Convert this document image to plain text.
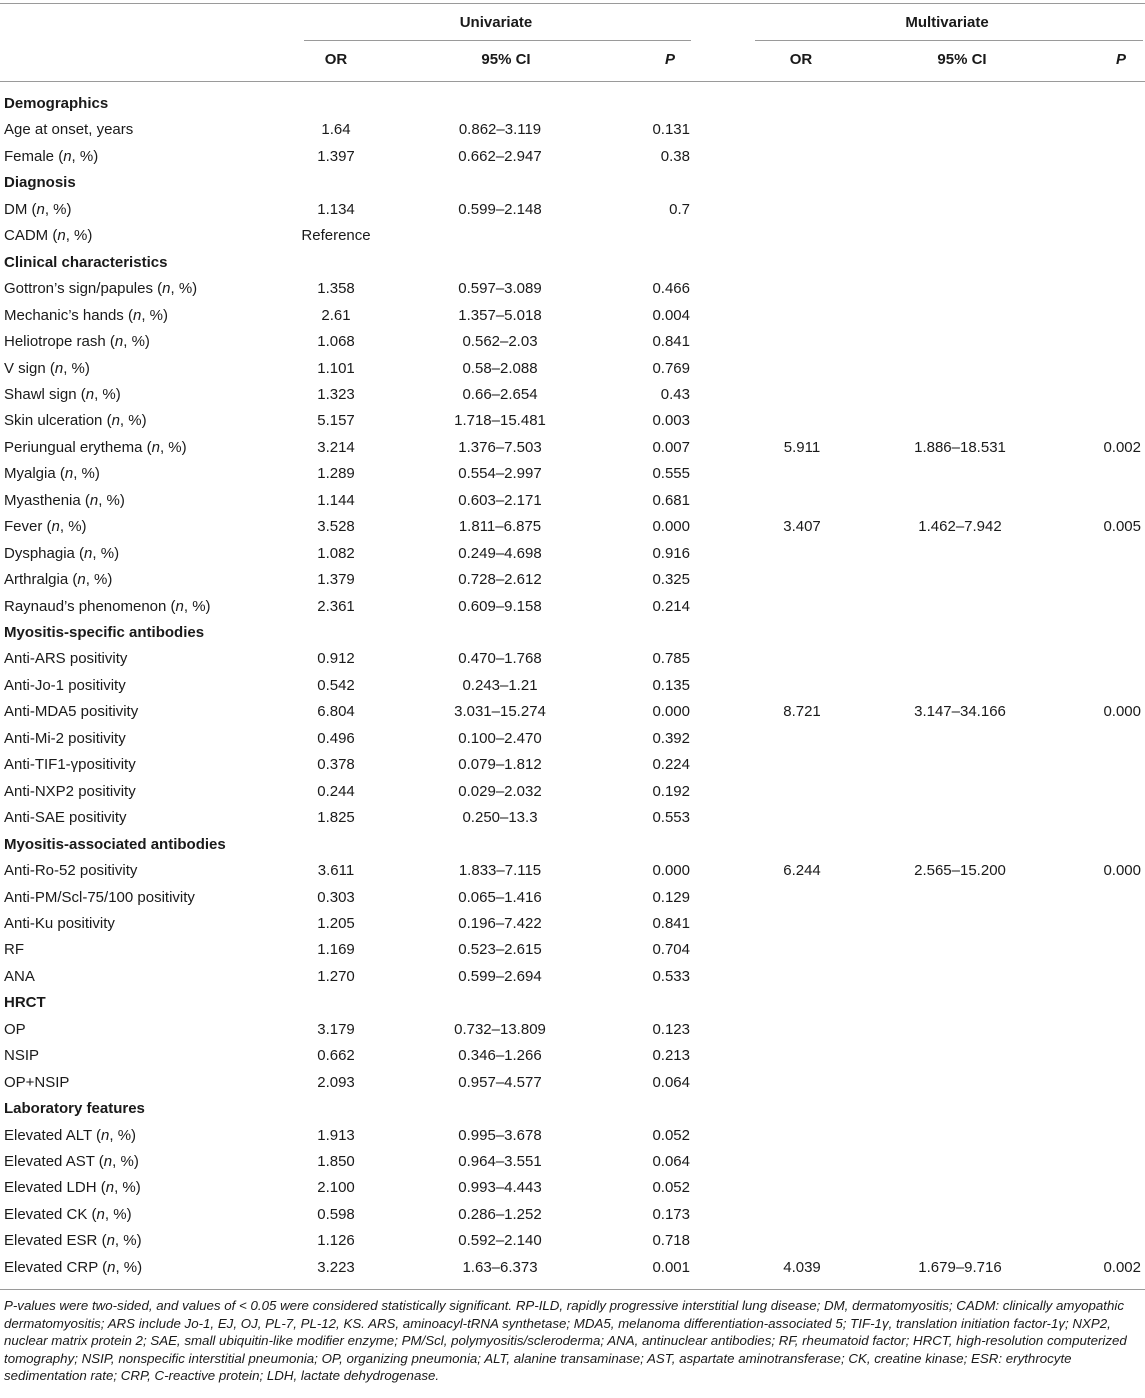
Univariate	Multivariate
OR	95% CI	P	OR	95% CI	P
Demographics
Age at onset, years	1.64	0.862–3.119	0.131
Female (n, %)	1.397	0.662–2.947	0.38
Diagnosis
DM (n, %)	1.134	0.599–2.148	0.7
CADM (n, %)	Reference
Clinical characteristics
Gottron’s sign/papules (n, %)	1.358	0.597–3.089	0.466
Mechanic’s hands (n, %)	2.61	1.357–5.018	0.004
Heliotrope rash (n, %)	1.068	0.562–2.03	0.841
V sign (n, %)	1.101	0.58–2.088	0.769
Shawl sign (n, %)	1.323	0.66–2.654	0.43
Skin ulceration (n, %)	5.157	1.718–15.481	0.003
Periungual erythema (n, %)	3.214	1.376–7.503	0.007	5.911	1.886–18.531	0.002
Myalgia (n, %)	1.289	0.554–2.997	0.555
Myasthenia (n, %)	1.144	0.603–2.171	0.681
Fever (n, %)	3.528	1.811–6.875	0.000	3.407	1.462–7.942	0.005
Dysphagia (n, %)	1.082	0.249–4.698	0.916
Arthralgia (n, %)	1.379	0.728–2.612	0.325
Raynaud’s phenomenon (n, %)	2.361	0.609–9.158	0.214
Myositis-specific antibodies
Anti-ARS positivity	0.912	0.470–1.768	0.785
Anti-Jo-1 positivity	0.542	0.243–1.21	0.135
Anti-MDA5 positivity	6.804	3.031–15.274	0.000	8.721	3.147–34.166	0.000
Anti-Mi-2 positivity	0.496	0.100–2.470	0.392
Anti-TIF1-γpositivity	0.378	0.079–1.812	0.224
Anti-NXP2 positivity	0.244	0.029–2.032	0.192
Anti-SAE positivity	1.825	0.250–13.3	0.553
Myositis-associated antibodies
Anti-Ro-52 positivity	3.611	1.833–7.115	0.000	6.244	2.565–15.200	0.000
Anti-PM/Scl-75/100 positivity	0.303	0.065–1.416	0.129
Anti-Ku positivity	1.205	0.196–7.422	0.841
RF	1.169	0.523–2.615	0.704
ANA	1.270	0.599–2.694	0.533
HRCT
OP	3.179	0.732–13.809	0.123
NSIP	0.662	0.346–1.266	0.213
OP+NSIP	2.093	0.957–4.577	0.064
Laboratory features
Elevated ALT (n, %)	1.913	0.995–3.678	0.052
Elevated AST (n, %)	1.850	0.964–3.551	0.064
Elevated LDH (n, %)	2.100	0.993–4.443	0.052
Elevated CK (n, %)	0.598	0.286–1.252	0.173
Elevated ESR (n, %)	1.126	0.592–2.140	0.718
Elevated CRP (n, %)	3.223	1.63–6.373	0.001	4.039	1.679–9.716	0.002
P-values were two-sided, and values of < 0.05 were considered statistically significant. RP-ILD, rapidly progressive interstitial lung disease; DM, dermatomyositis; CADM: clinically amyopathic dermatomyositis; ARS include Jo-1, EJ, OJ, PL-7, PL-12, KS. ARS, aminoacyl-tRNA synthetase; MDA5, melanoma differentiation-associated 5; TIF-1γ, translation initiation factor-1γ; NXP2, nuclear matrix protein 2; SAE, small ubiquitin-like modifier enzyme; PM/Scl, polymyositis/scleroderma; ANA, antinuclear antibodies; RF, rheumatoid factor; HRCT, high-resolution computerized tomography; NSIP, nonspecific interstitial pneumonia; OP, organizing pneumonia; ALT, alanine transaminase; AST, aspartate aminotransferase; CK, creatine kinase; ESR: erythrocyte sedimentation rate; CRP, C-reactive protein; LDH, lactate dehydrogenase.
